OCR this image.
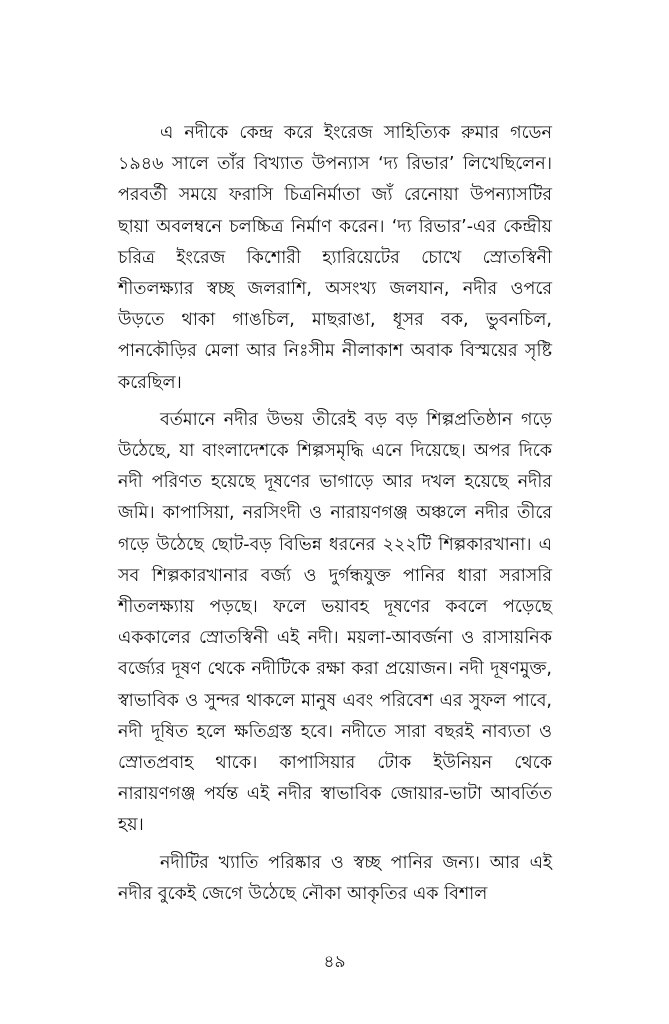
এ নদীকে কেন্দ্র করে ইংরেজ সাহিত্যিক রুমার গডেন ১৯৪৬ সালে তাঁর বিখ্যাত উপন্যাস ‘দ্য রিভার’ লিখেছিলেন। পরবর্তী সময়ে ফরাসি চিত্রনির্মাতা জ্যঁ রেনোয়া উপন্যাসটির ছায়া অবলম্বনে চলচ্চিত্র নির্মাণ করেন। ‘দ্য রিভার’-এর কেন্দ্রীয় চরিত্র ইংরেজ কিশোরী হ্যারিয়েটের চোখে স্রোতস্বিনী শীতলক্ষ্যার স্বচ্ছ জলরাশি, অসংখ্য জলযান, নদীর ওপরে উড়তে থাকা গাঙচিল, মাছরাঙা, ধূসর বক, ভুবনচিল, পানকৌড়ির মেলা আর নিঃসীম নীলাকাশ অবাক বিস্ময়ের সৃষ্টি করেছিল।

বর্তমানে নদীর উভয় তীরেই বড় বড় শিল্পপ্রতিষ্ঠান গড়ে উঠেছে, যা বাংলাদেশকে শিল্পসমৃদ্ধি এনে দিয়েছে। অপর দিকে নদী পরিণত হয়েছে দূষণের ভাগাড়ে আর দখল হয়েছে নদীর জমি। কাপাসিয়া, নরসিংদী ও নারায়ণগঞ্জ অঞ্চলে নদীর তীরে গড়ে উঠেছে ছোট-বড় বিভিন্ন ধরনের ২২২টি শিল্পকারখানা। এ সব শিল্পকারখানার বর্জ্য ও দুর্গন্ধযুক্ত পানির ধারা সরাসরি শীতলক্ষ্যায় পড়ছে। ফলে ভয়াবহ দূষণের কবলে পড়েছে এককালের স্রোতস্বিনী এই নদী। ময়লা-আবর্জনা ও রাসায়নিক বর্জ্যের দূষণ থেকে নদীটিকে রক্ষা করা প্রয়োজন। নদী দূষণমুক্ত, স্বাভাবিক ও সুন্দর থাকলে মানুষ এবং পরিবেশ এর সুফল পাবে, নদী দূষিত হলে ক্ষতিগ্রস্ত হবে। নদীতে সারা বছরই নাব্যতা ও স্রোতপ্রবাহ থাকে। কাপাসিয়ার টোক ইউনিয়ন থেকে নারায়ণগঞ্জ পর্যন্ত এই নদীর স্বাভাবিক জোয়ার-ভাটা আবর্তিত হয়।

নদীটির খ্যাতি পরিষ্কার ও স্বচ্ছ পানির জন্য। আর এই নদীর বুকেই জেগে উঠেছে নৌকা আকৃতির এক বিশাল

৪৯
